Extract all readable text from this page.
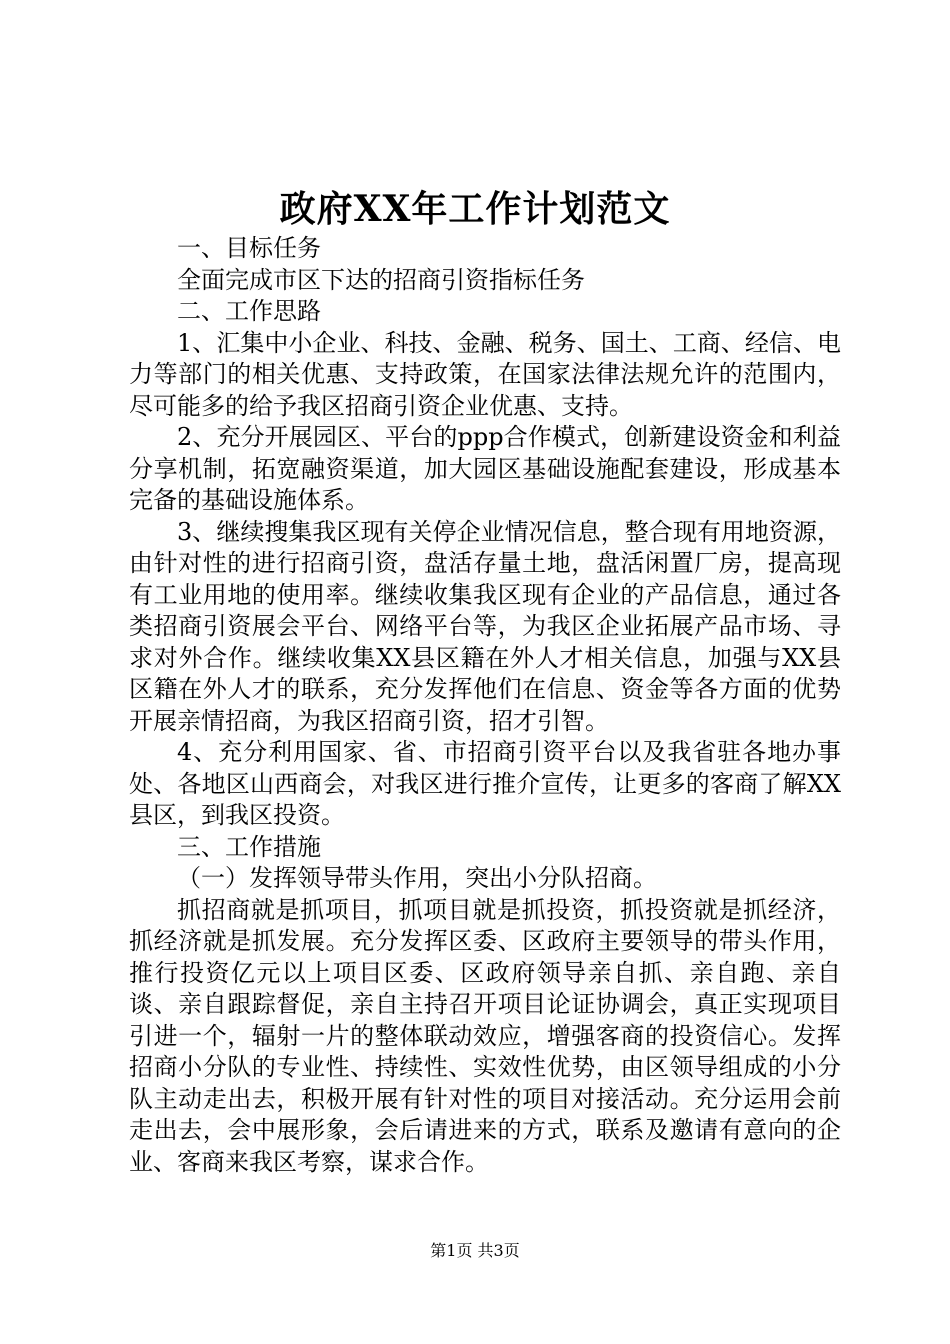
政府XX年工作计划范文

一、目标任务

全面完成市区下达的招商引资指标任务

二、工作思路

1、汇集中小企业、科技、金融、税务、国土、工商、经信、电力等部门的相关优惠、支持政策，在国家法律法规允许的范围内，尽可能多的给予我区招商引资企业优惠、支持。

2、充分开展园区、平台的ppp合作模式，创新建设资金和利益分享机制，拓宽融资渠道，加大园区基础设施配套建设，形成基本完备的基础设施体系。

3、继续搜集我区现有关停企业情况信息，整合现有用地资源，由针对性的进行招商引资，盘活存量土地，盘活闲置厂房，提高现有工业用地的使用率。继续收集我区现有企业的产品信息，通过各类招商引资展会平台、网络平台等，为我区企业拓展产品市场、寻求对外合作。继续收集XX县区籍在外人才相关信息，加强与XX县区籍在外人才的联系，充分发挥他们在信息、资金等各方面的优势开展亲情招商，为我区招商引资，招才引智。

4、充分利用国家、省、市招商引资平台以及我省驻各地办事处、各地区山西商会，对我区进行推介宣传，让更多的客商了解XX县区，到我区投资。

三、工作措施

（一）发挥领导带头作用，突出小分队招商。

抓招商就是抓项目，抓项目就是抓投资，抓投资就是抓经济，抓经济就是抓发展。充分发挥区委、区政府主要领导的带头作用，推行投资亿元以上项目区委、区政府领导亲自抓、亲自跑、亲自谈、亲自跟踪督促，亲自主持召开项目论证协调会，真正实现项目引进一个，辐射一片的整体联动效应，增强客商的投资信心。发挥招商小分队的专业性、持续性、实效性优势，由区领导组成的小分队主动走出去，积极开展有针对性的项目对接活动。充分运用会前走出去，会中展形象，会后请进来的方式，联系及邀请有意向的企业、客商来我区考察，谋求合作。

第1页 共3页
